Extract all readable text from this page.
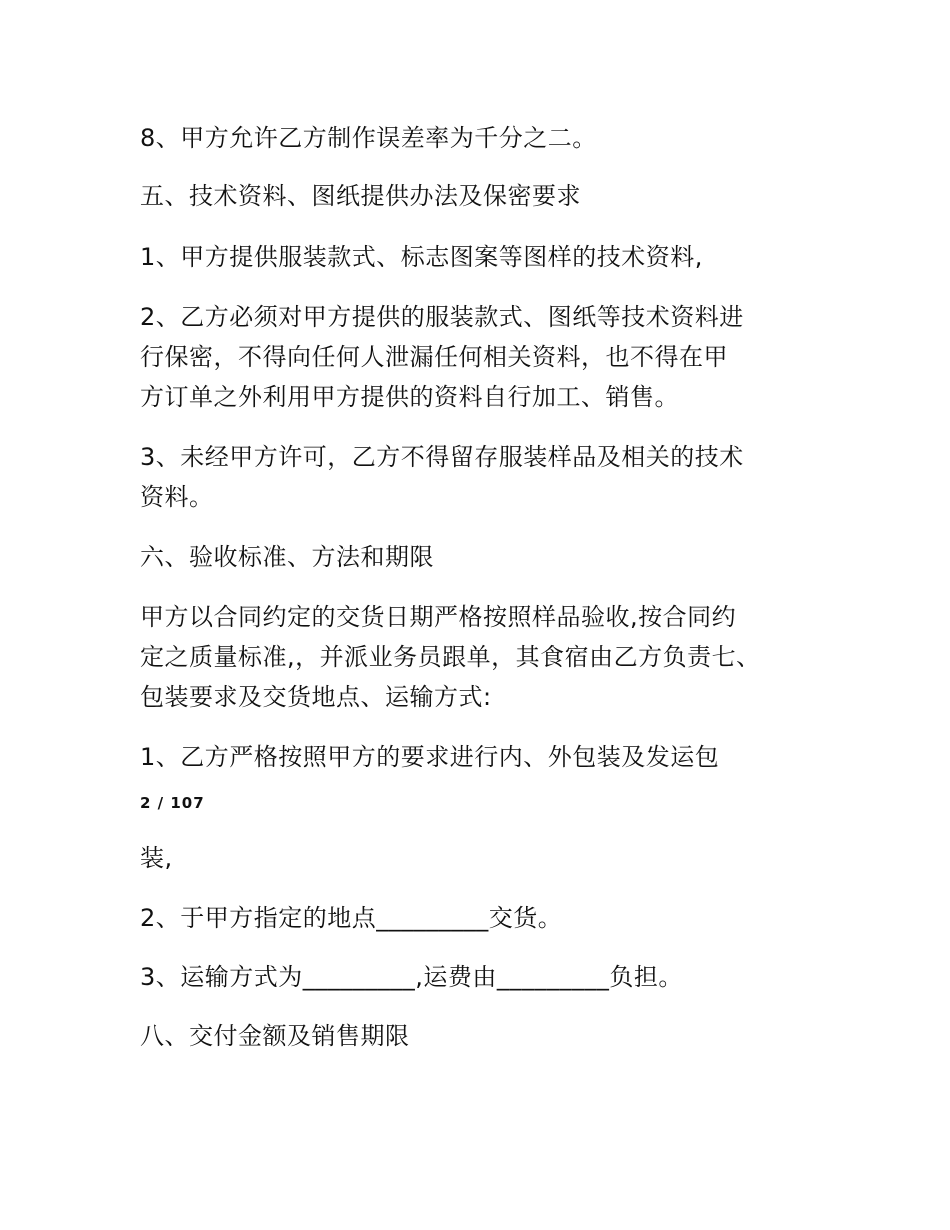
8、甲方允许乙方制作误差率为千分之二。

五、技术资料、图纸提供办法及保密要求

1、甲方提供服装款式、标志图案等图样的技术资料,

2、乙方必须对甲方提供的服装款式、图纸等技术资料进
行保密，不得向任何人泄漏任何相关资料，也不得在甲
方订单之外利用甲方提供的资料自行加工、销售。

3、未经甲方许可，乙方不得留存服装样品及相关的技术
资料。

六、验收标准、方法和期限

甲方以合同约定的交货日期严格按照样品验收,按合同约
定之质量标准,，并派业务员跟单，其食宿由乙方负责七、
包装要求及交货地点、运输方式:

1、乙方严格按照甲方的要求进行内、外包装及发运包

2 / 107

装,

2、于甲方指定的地点_________交货。

3、运输方式为_________,运费由_________负担。

八、交付金额及销售期限
